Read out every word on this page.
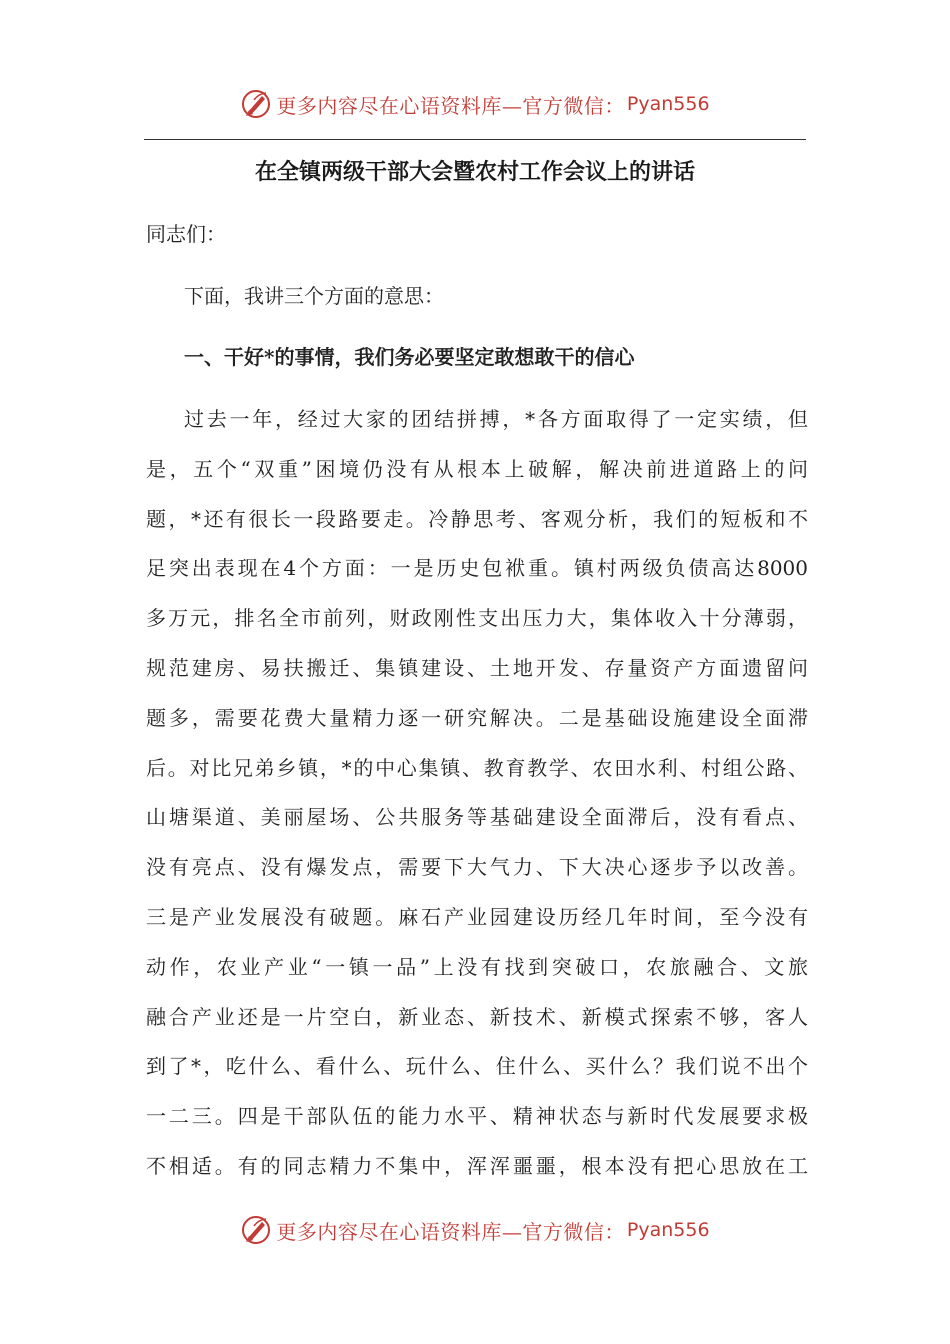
更多内容尽在心语资料库—官方微信： Pyan556
在全镇两级干部大会暨农村工作会议上的讲话
同志们：
下面，我讲三个方面的意思：
一、干好*的事情，我们务必要坚定敢想敢干的信心
过去一年，经过大家的团结拼搏，*各方面取得了一定实绩，但
是，五个“双重”困境仍没有从根本上破解，解决前进道路上的问
题，*还有很长一段路要走。冷静思考、客观分析，我们的短板和不
足突出表现在4个方面：一是历史包袱重。镇村两级负债高达8000
多万元，排名全市前列，财政刚性支出压力大，集体收入十分薄弱，
规范建房、易扶搬迁、集镇建设、土地开发、存量资产方面遗留问
题多，需要花费大量精力逐一研究解决。二是基础设施建设全面滞
后。对比兄弟乡镇，*的中心集镇、教育教学、农田水利、村组公路、
山塘渠道、美丽屋场、公共服务等基础建设全面滞后，没有看点、
没有亮点、没有爆发点，需要下大气力、下大决心逐步予以改善。
三是产业发展没有破题。麻石产业园建设历经几年时间，至今没有
动作，农业产业“一镇一品”上没有找到突破口，农旅融合、文旅
融合产业还是一片空白，新业态、新技术、新模式探索不够，客人
到了*，吃什么、看什么、玩什么、住什么、买什么？我们说不出个
一二三。四是干部队伍的能力水平、精神状态与新时代发展要求极
不相适。有的同志精力不集中，浑浑噩噩，根本没有把心思放在工
更多内容尽在心语资料库—官方微信： Pyan556
